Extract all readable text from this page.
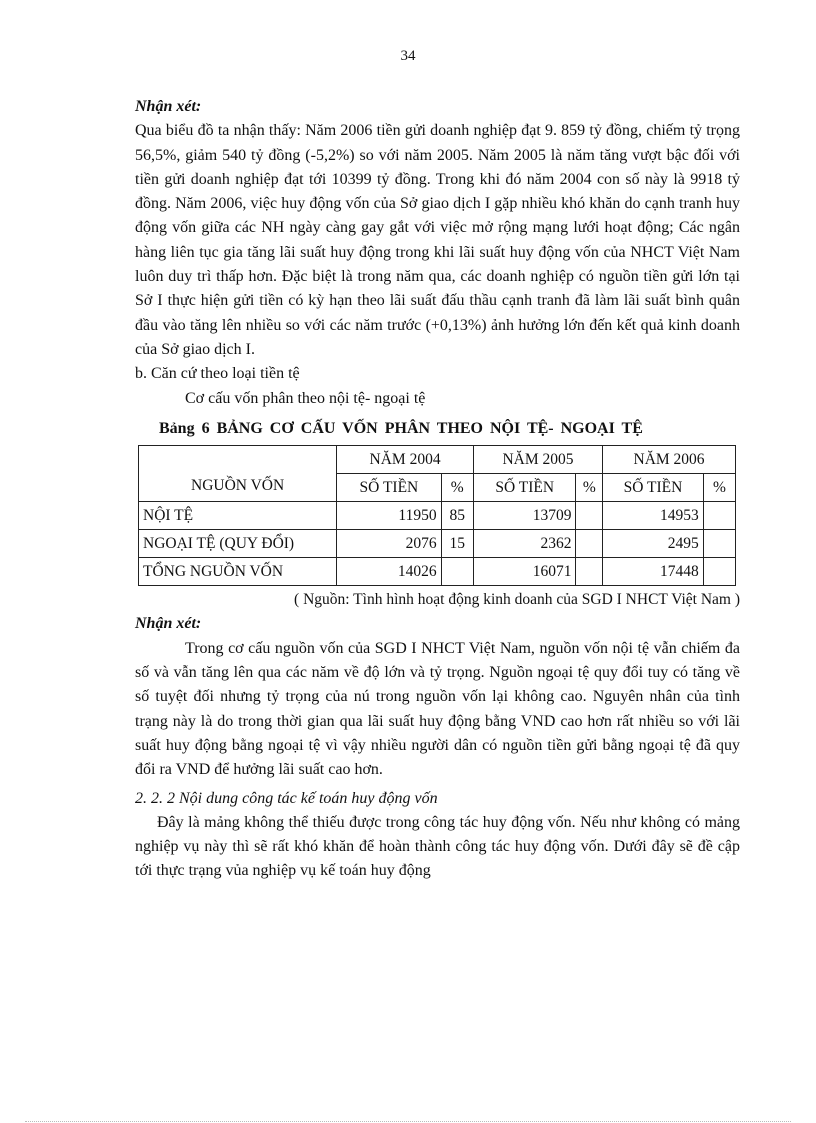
34

Nhận xét:

Qua biểu đồ ta nhận thấy: Năm 2006 tiền gửi doanh nghiệp đạt 9. 859 tỷ đồng, chiếm tỷ trọng 56,5%, giảm 540 tỷ đồng (-5,2%) so với năm 2005. Năm 2005 là năm tăng vượt bậc đối với tiền gửi doanh nghiệp đạt tới 10399 tỷ đồng. Trong khi đó năm 2004 con số này là 9918 tỷ đồng. Năm 2006, việc huy động vốn của Sở giao dịch I gặp nhiều khó khăn do cạnh tranh huy động vốn giữa các NH ngày càng gay gắt với việc mở rộng mạng lưới hoạt động; Các ngân hàng liên tục gia tăng lãi suất huy động trong khi lãi suất huy động vốn của NHCT Việt Nam luôn duy trì thấp hơn. Đặc biệt là trong năm qua, các doanh nghiệp có nguồn tiền gửi lớn tại Sở I thực hiện gửi tiền có kỳ hạn theo lãi suất đấu thầu cạnh tranh đã làm lãi suất bình quân đầu vào tăng lên nhiều so với các năm trước (+0,13%) ảnh hưởng lớn đến kết quả kinh doanh của Sở giao dịch I.

b. Căn cứ theo loại tiền tệ

Cơ cấu vốn phân theo nội tệ- ngoại tệ

Bảng 6 BẢNG CƠ CẤU VỐN PHÂN THEO NỘI TỆ- NGOẠI TỆ

NGUỒN VỐN	NĂM 2004		NĂM 2005		NĂM 2006	
	SỐ TIỀN	%	SỐ TIỀN	%	SỐ TIỀN	%
NỘI TỆ	11950	85	13709		14953	
NGOẠI TỆ (QUY ĐỔI)	2076	15	2362		2495	
TỔNG NGUỒN VỐN	14026		16071		17448	

( Nguồn: Tình hình hoạt động kinh doanh của SGD I NHCT Việt Nam )

Nhận xét:

Trong cơ cấu nguồn vốn của SGD I NHCT Việt Nam, nguồn vốn nội tệ vẫn chiếm đa số và vẫn tăng lên qua các năm về độ lớn và tỷ trọng. Nguồn ngoại tệ quy đổi tuy có tăng về số tuyệt đối nhưng tỷ trọng của nú trong nguồn vốn lại không cao. Nguyên nhân của tình trạng này là do trong thời gian qua lãi suất huy động bằng VND cao hơn rất nhiều so với lãi suất huy động bằng ngoại tệ vì vậy nhiều người dân có nguồn tiền gửi bằng ngoại tệ đã quy đổi ra VND để hưởng lãi suất cao hơn.

2. 2. 2 Nội dung công tác kế toán huy động vốn

Đây là mảng không thể thiếu được trong công tác huy động vốn. Nếu như không có mảng nghiệp vụ này thì sẽ rất khó khăn để hoàn thành công tác huy động vốn. Dưới đây sẽ đề cập tới thực trạng vủa nghiệp vụ kế toán huy động
